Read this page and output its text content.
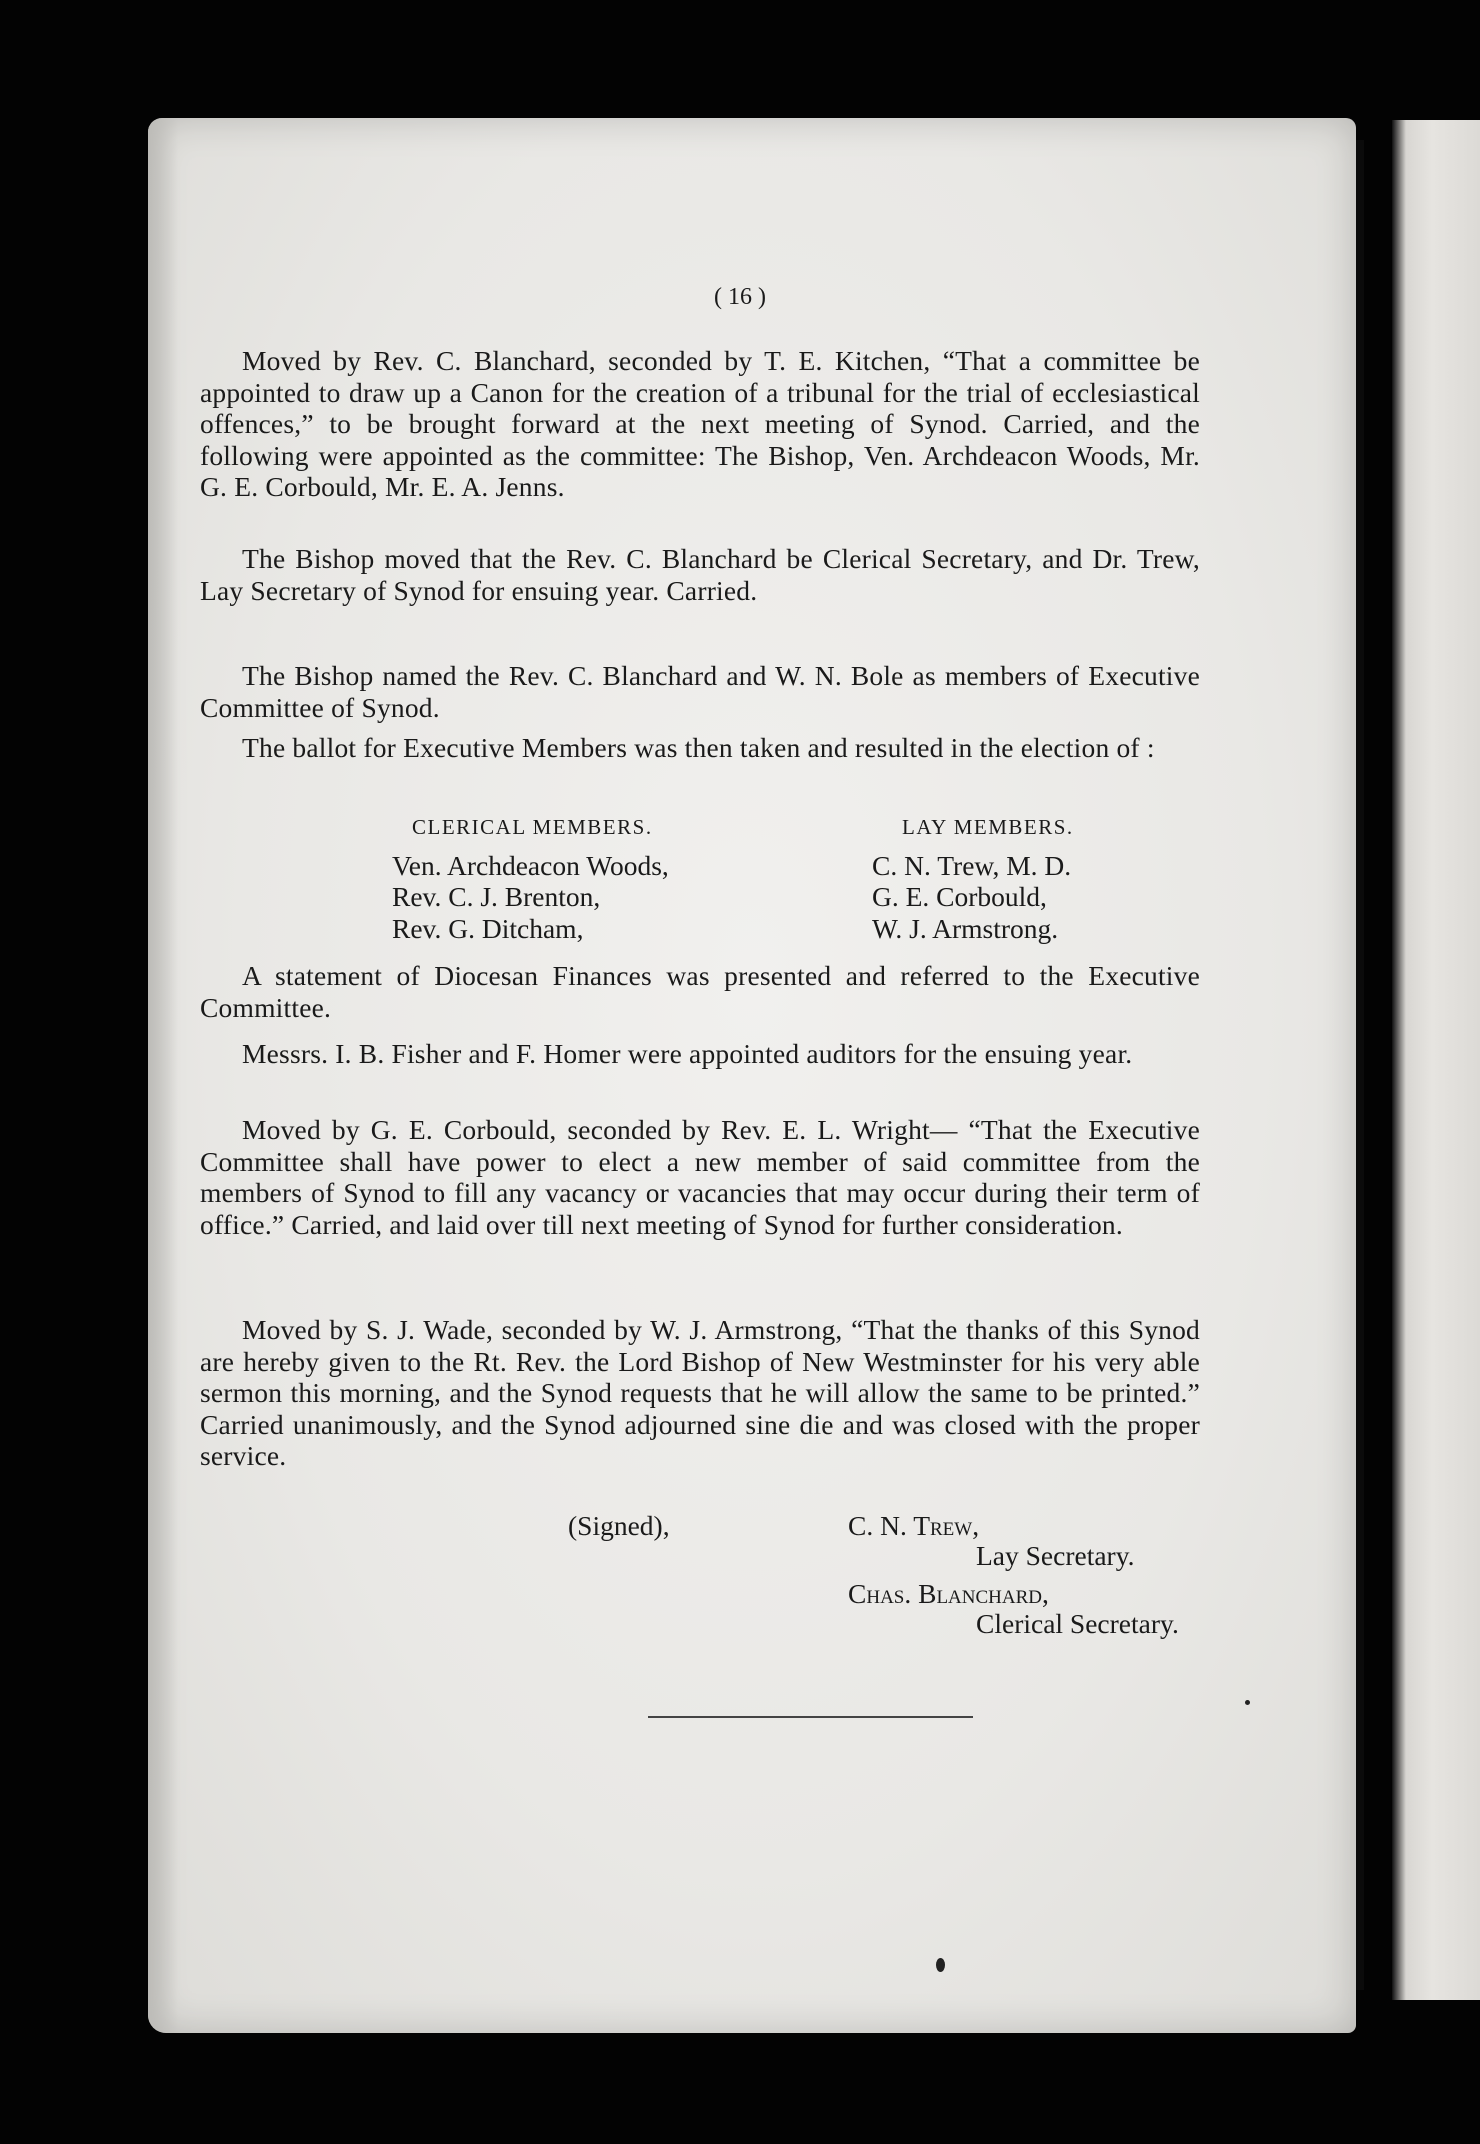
( 16 )

Moved by Rev. C. Blanchard, seconded by T. E. Kitchen, “That a committee be appointed to draw up a Canon for the creation of a tribunal for the trial of ecclesiastical offences,” to be brought forward at the next meeting of Synod. Carried, and the following were appointed as the committee: The Bishop, Ven. Archdeacon Woods, Mr. G. E. Corbould, Mr. E. A. Jenns.

The Bishop moved that the Rev. C. Blanchard be Clerical Secretary, and Dr. Trew, Lay Secretary of Synod for ensuing year. Carried.

The Bishop named the Rev. C. Blanchard and W. N. Bole as members of Executive Committee of Synod.

The ballot for Executive Members was then taken and resulted in the election of :

CLERICAL MEMBERS.
Ven. Archdeacon Woods,
Rev. C. J. Brenton,
Rev. G. Ditcham,
LAY MEMBERS.
C. N. Trew, M. D.
G. E. Corbould,
W. J. Armstrong.

A statement of Diocesan Finances was presented and referred to the Executive Committee.

Messrs. I. B. Fisher and F. Homer were appointed auditors for the ensuing year.

Moved by G. E. Corbould, seconded by Rev. E. L. Wright— “That the Executive Committee shall have power to elect a new member of said committee from the members of Synod to fill any vacancy or vacancies that may occur during their term of office.” Carried, and laid over till next meeting of Synod for further consideration.

Moved by S. J. Wade, seconded by W. J. Armstrong, “That the thanks of this Synod are hereby given to the Rt. Rev. the Lord Bishop of New Westminster for his very able sermon this morning, and the Synod requests that he will allow the same to be printed.” Carried unanimously, and the Synod adjourned sine die and was closed with the proper service.

(Signed),	C. N. Trew,
Lay Secretary.
Chas. Blanchard,
Clerical Secretary.
